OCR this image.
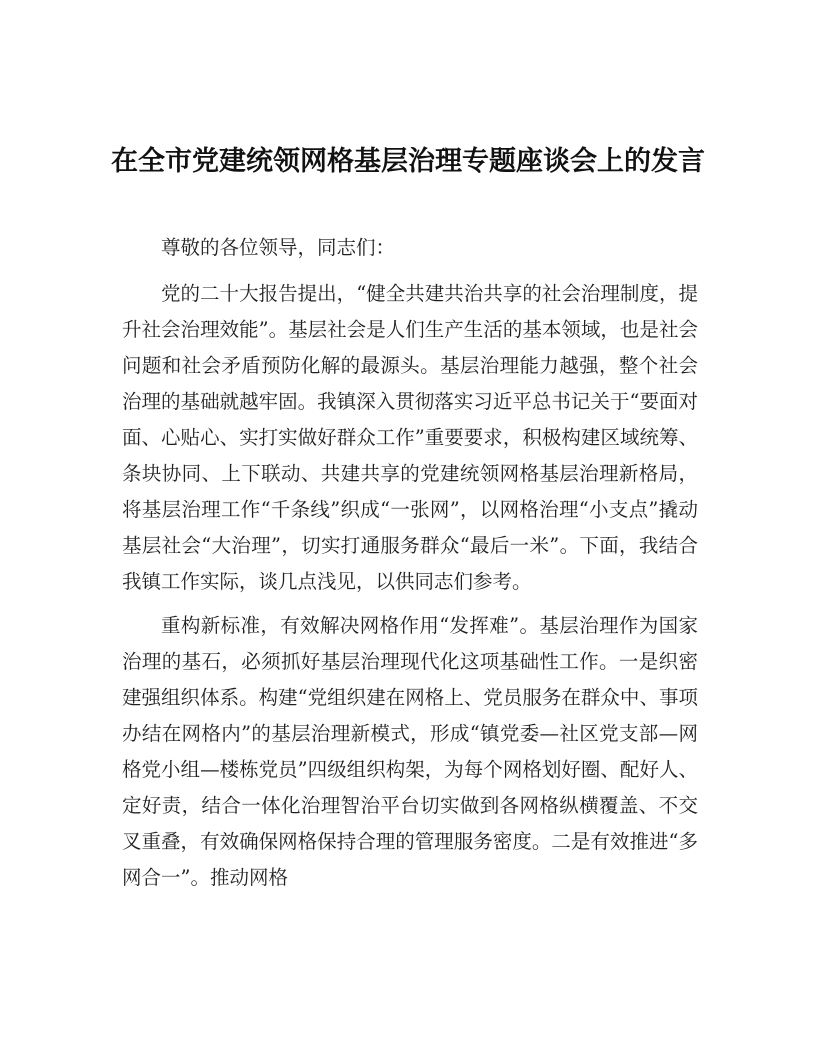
在全市党建统领网格基层治理专题座谈会上的发言

尊敬的各位领导，同志们：

党的二十大报告提出，“健全共建共治共享的社会治理制度，提升社会治理效能”。基层社会是人们生产生活的基本领域，也是社会问题和社会矛盾预防化解的最源头。基层治理能力越强，整个社会治理的基础就越牢固。我镇深入贯彻落实习近平总书记关于“要面对面、心贴心、实打实做好群众工作”重要要求，积极构建区域统筹、条块协同、上下联动、共建共享的党建统领网格基层治理新格局，将基层治理工作“千条线”织成“一张网”，以网格治理“小支点”撬动基层社会“大治理”，切实打通服务群众“最后一米”。下面，我结合我镇工作实际，谈几点浅见，以供同志们参考。

重构新标准，有效解决网格作用“发挥难”。基层治理作为国家治理的基石，必须抓好基层治理现代化这项基础性工作。一是织密建强组织体系。构建“党组织建在网格上、党员服务在群众中、事项办结在网格内”的基层治理新模式，形成“镇党委—社区党支部—网格党小组—楼栋党员”四级组织构架，为每个网格划好圈、配好人、定好责，结合一体化治理智治平台切实做到各网格纵横覆盖、不交叉重叠，有效确保网格保持合理的管理服务密度。二是有效推进“多网合一”。推动网格
